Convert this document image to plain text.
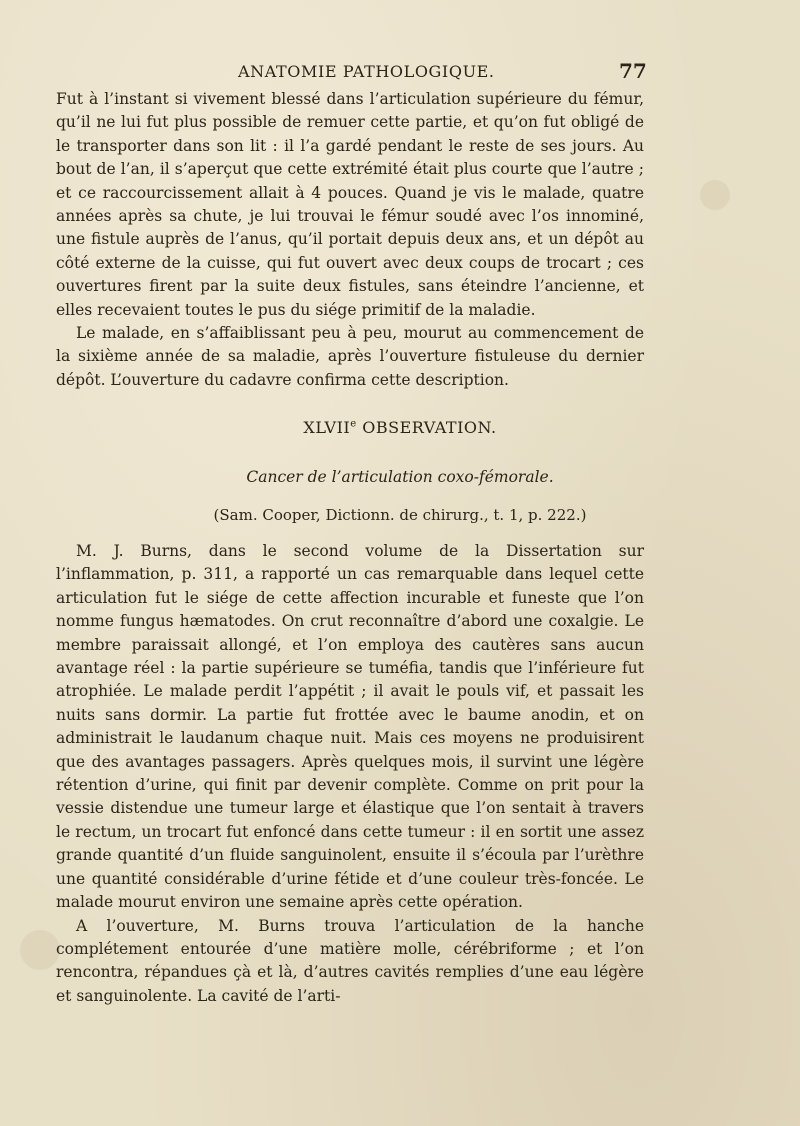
ANATOMIE PATHOLOGIQUE.	77

Fut à l’instant si vivement blessé dans l’articulation supérieure du fémur, qu’il ne lui fut plus possible de remuer cette partie, et qu’on fut obligé de le transporter dans son lit : il l’a gardé pendant le reste de ses jours. Au bout de l’an, il s’aperçut que cette extrémité était plus courte que l’autre ; et ce raccourcissement allait à 4 pouces. Quand je vis le malade, quatre années après sa chute, je lui trouvai le fémur soudé avec l’os innominé, une fistule auprès de l’anus, qu’il portait depuis deux ans, et un dépôt au côté externe de la cuisse, qui fut ouvert avec deux coups de trocart ; ces ouvertures firent par la suite deux fistules, sans éteindre l’ancienne, et elles recevaient toutes le pus du siége primitif de la maladie.

Le malade, en s’affaiblissant peu à peu, mourut au commencement de la sixième année de sa maladie, après l’ouverture fistuleuse du dernier dépôt. L’ouverture du cadavre confirma cette description.

XLVIIe OBSERVATION.
Cancer de l’articulation coxo-fémorale.
(Sam. Cooper, Dictionn. de chirurg., t. 1, p. 222.)

M. J. Burns, dans le second volume de la Dissertation sur l’inflammation, p. 311, a rapporté un cas remarquable dans lequel cette articulation fut le siége de cette affection incurable et funeste que l’on nomme fungus hæmatodes. On crut reconnaître d’abord une coxalgie. Le membre paraissait allongé, et l’on employa des cautères sans aucun avantage réel : la partie supérieure se tuméfia, tandis que l’inférieure fut atrophiée. Le malade perdit l’appétit ; il avait le pouls vif, et passait les nuits sans dormir. La partie fut frottée avec le baume anodin, et on administrait le laudanum chaque nuit. Mais ces moyens ne produisirent que des avantages passagers. Après quelques mois, il survint une légère rétention d’urine, qui finit par devenir complète. Comme on prit pour la vessie distendue une tumeur large et élastique que l’on sentait à travers le rectum, un trocart fut enfoncé dans cette tumeur : il en sortit une assez grande quantité d’un fluide sanguinolent, ensuite il s’écoula par l’urèthre une quantité considérable d’urine fétide et d’une couleur très-foncée. Le malade mourut environ une semaine après cette opération.

A l’ouverture, M. Burns trouva l’articulation de la hanche complétement entourée d’une matière molle, cérébriforme ; et l’on rencontra, répandues çà et là, d’autres cavités remplies d’une eau légère et sanguinolente. La cavité de l’arti-
